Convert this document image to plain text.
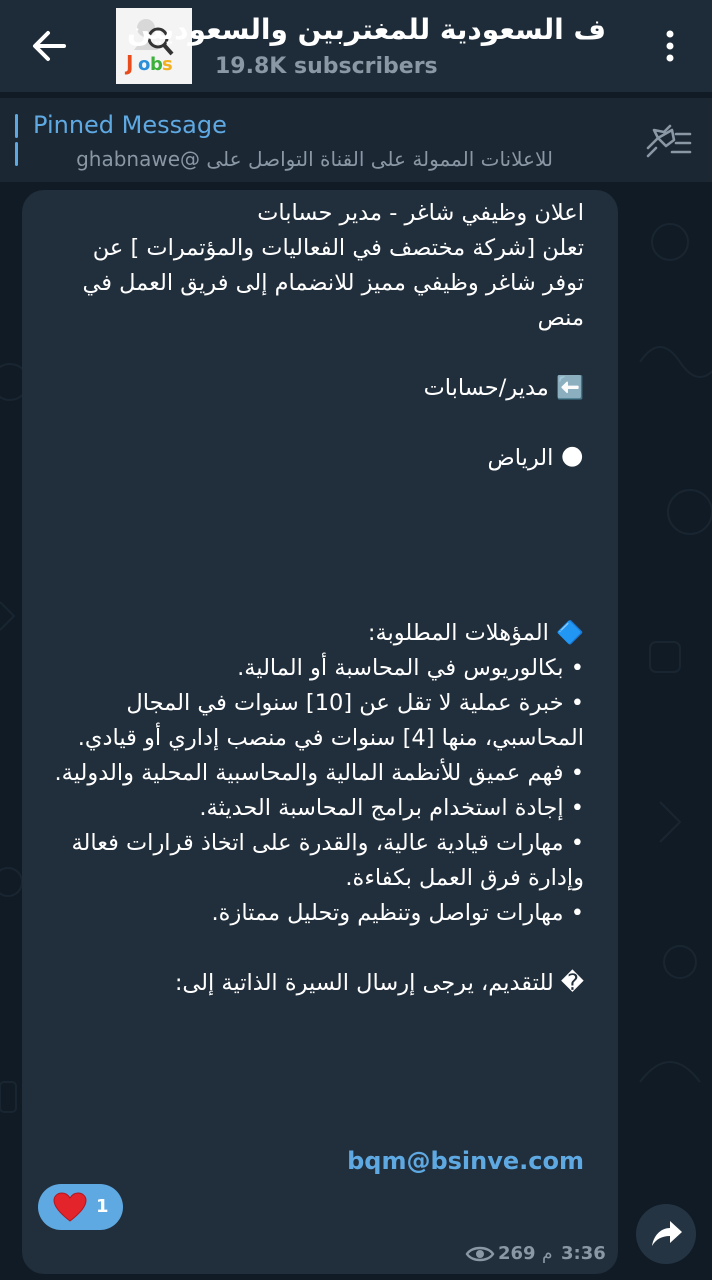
J o b s
ف السعودية للمغتربين والسعوديين
19.8K subscribers
Pinned Message
للاعلانات الممولة على القناة التواصل على @ghabnawe
اعلان وظيفي شاغر - مدير حسابات
تعلن [شركة مختصف في الفعاليات والمؤتمرات ] عن توفر شاغر وظيفي مميز للانضمام إلى فريق العمل في منص

⬅️ مدير/حسابات

🌑 الرياض

🔷 المؤهلات المطلوبة:
• بكالوريوس في المحاسبة أو المالية.
• خبرة عملية لا تقل عن [10] سنوات في المجال المحاسبي، منها [4] سنوات في منصب إداري أو قيادي.
• فهم عميق للأنظمة المالية والمحاسبية المحلية والدولية.
• إجادة استخدام برامج المحاسبة الحديثة.
• مهارات قيادية عالية، والقدرة على اتخاذ قرارات فعالة وإدارة فرق العمل بكفاءة.
• مهارات تواصل وتنظيم وتحليل ممتازة.

� للتقديم، يرجى إرسال السيرة الذاتية إلى:
bqm@bsinve.com
1
269 م 3:36
